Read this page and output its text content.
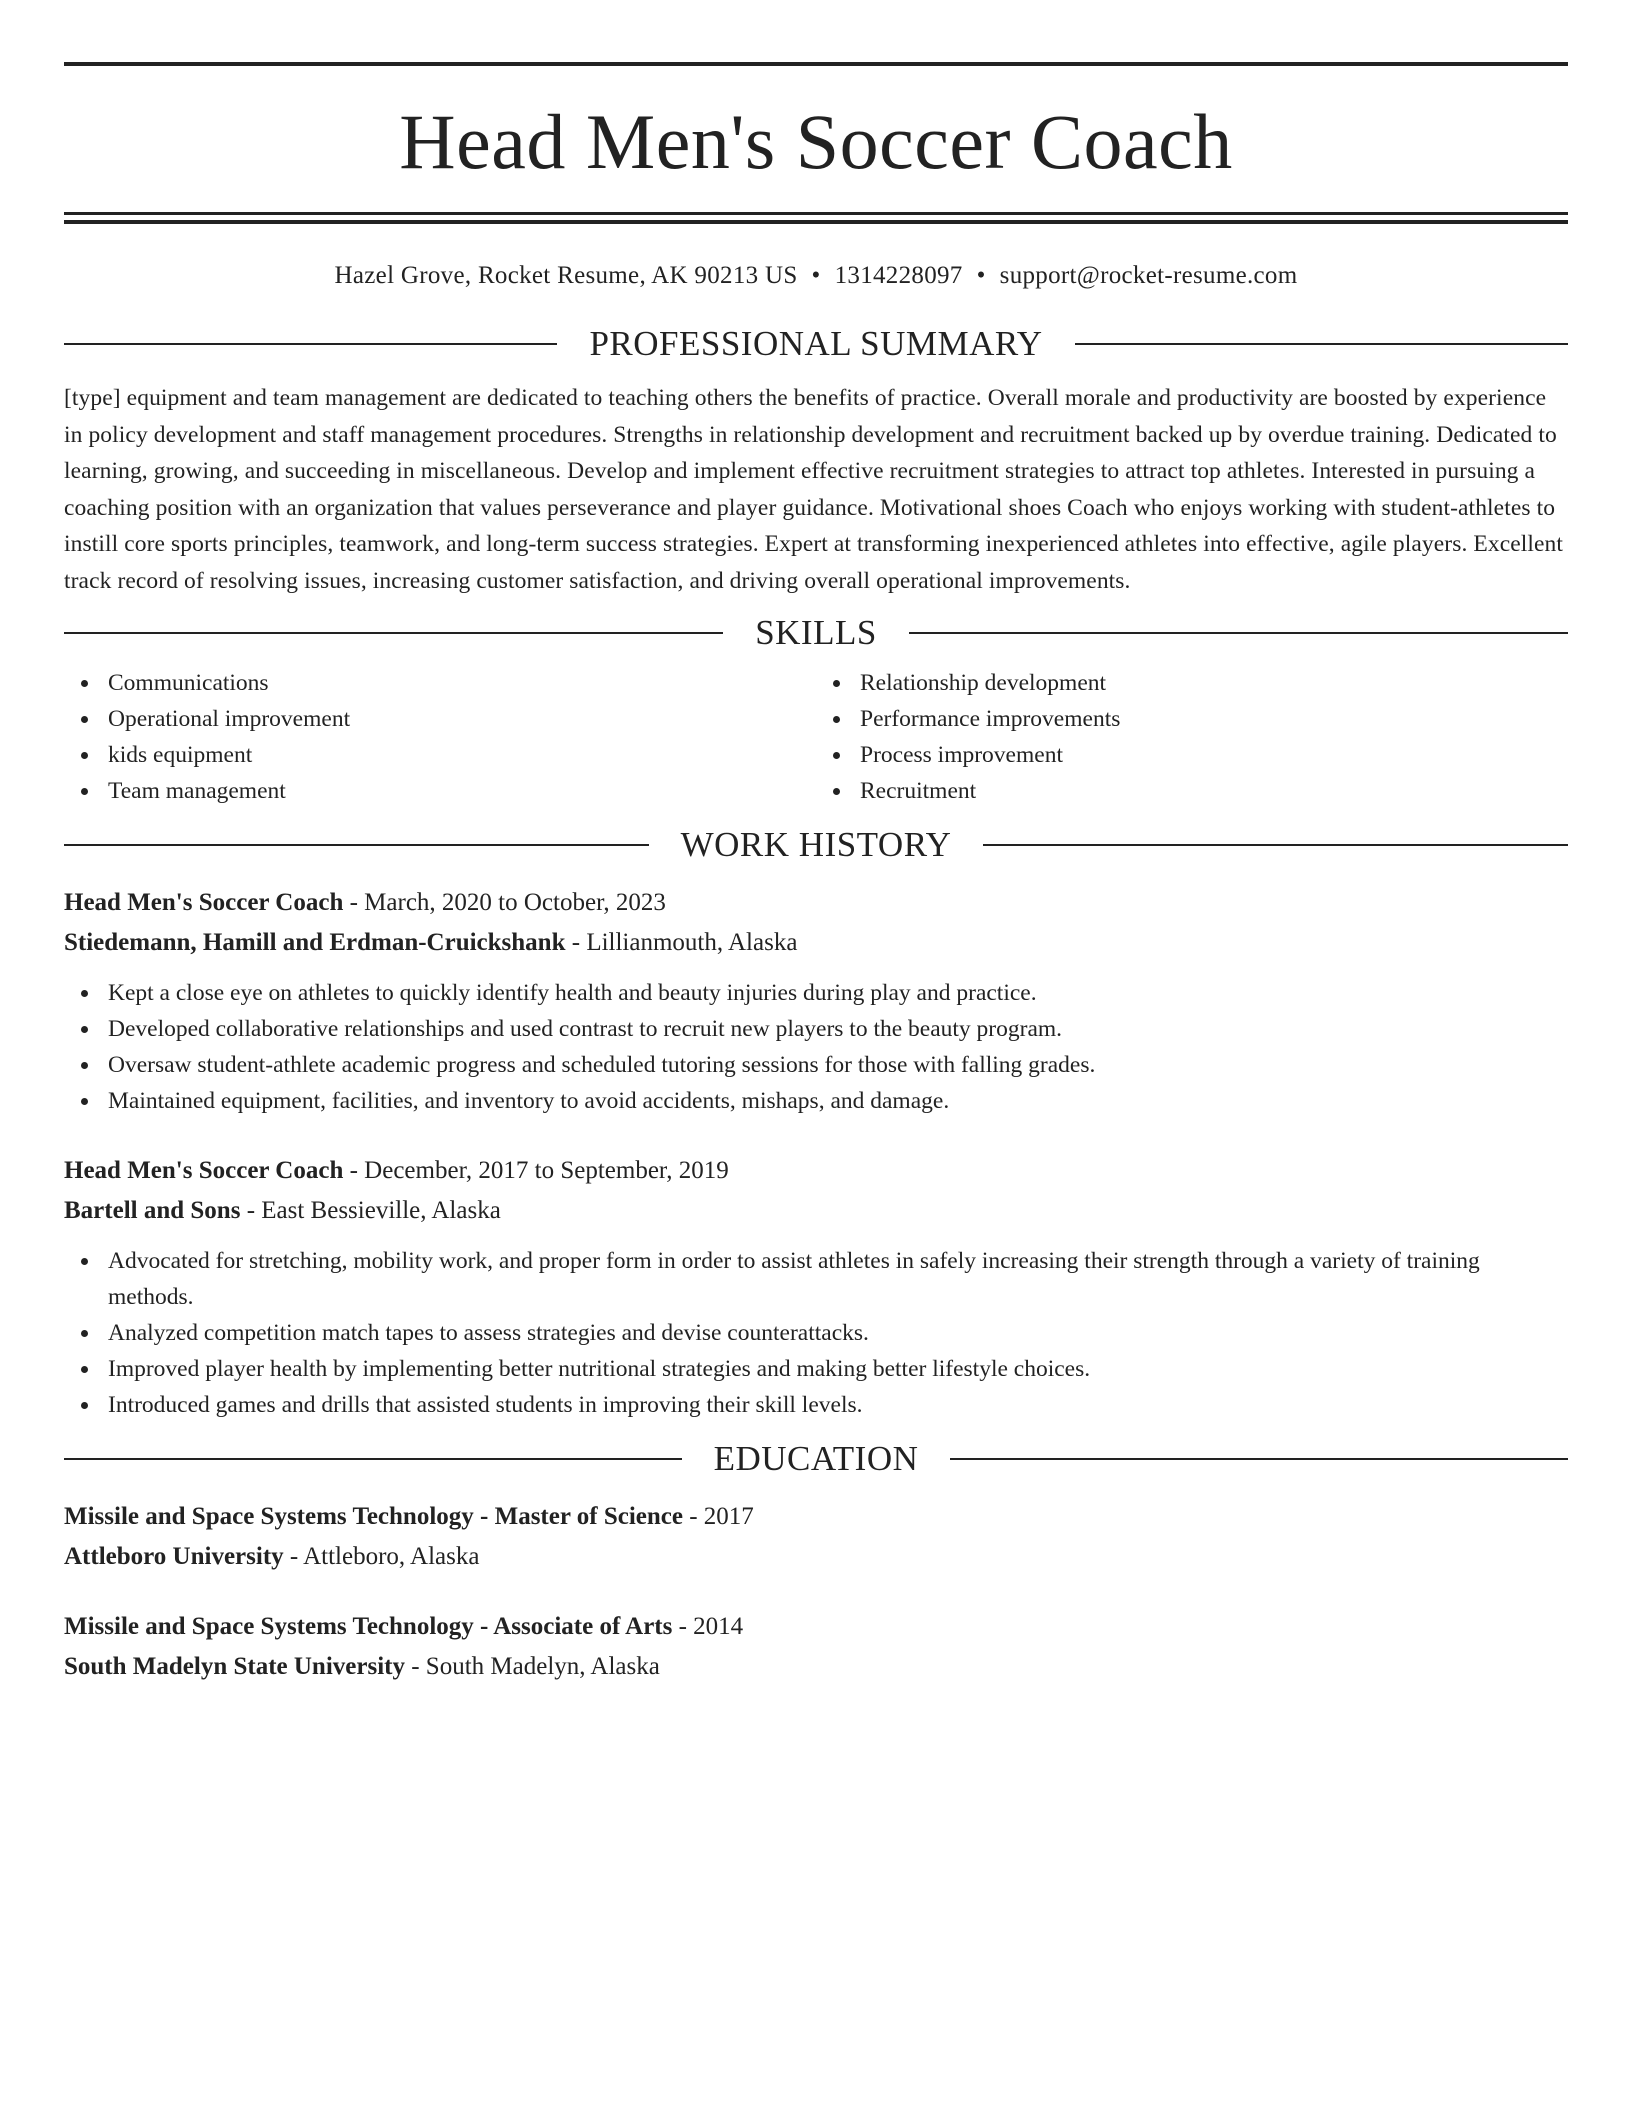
Head Men's Soccer Coach
Hazel Grove, Rocket Resume, AK 90213 US • 1314228097 • support@rocket-resume.com
PROFESSIONAL SUMMARY

[type] equipment and team management are dedicated to teaching others the benefits of practice. Overall morale and productivity are boosted by experience in policy development and staff management procedures. Strengths in relationship development and recruitment backed up by overdue training. Dedicated to learning, growing, and succeeding in miscellaneous. Develop and implement effective recruitment strategies to attract top athletes. Interested in pursuing a coaching position with an organization that values perseverance and player guidance. Motivational shoes Coach who enjoys working with student-athletes to instill core sports principles, teamwork, and long-term success strategies. Expert at transforming inexperienced athletes into effective, agile players. Excellent track record of resolving issues, increasing customer satisfaction, and driving overall operational improvements.

SKILLS
Communications
Operational improvement
kids equipment
Team management
Relationship development
Performance improvements
Process improvement
Recruitment
WORK HISTORY
Head Men's Soccer Coach - March, 2020 to October, 2023
Stiedemann, Hamill and Erdman-Cruickshank - Lillianmouth, Alaska
Kept a close eye on athletes to quickly identify health and beauty injuries during play and practice.
Developed collaborative relationships and used contrast to recruit new players to the beauty program.
Oversaw student-athlete academic progress and scheduled tutoring sessions for those with falling grades.
Maintained equipment, facilities, and inventory to avoid accidents, mishaps, and damage.
Head Men's Soccer Coach - December, 2017 to September, 2019
Bartell and Sons - East Bessieville, Alaska
Advocated for stretching, mobility work, and proper form in order to assist athletes in safely increasing their strength through a variety of training methods.
Analyzed competition match tapes to assess strategies and devise counterattacks.
Improved player health by implementing better nutritional strategies and making better lifestyle choices.
Introduced games and drills that assisted students in improving their skill levels.
EDUCATION
Missile and Space Systems Technology - Master of Science - 2017
Attleboro University - Attleboro, Alaska
Missile and Space Systems Technology - Associate of Arts - 2014
South Madelyn State University - South Madelyn, Alaska
